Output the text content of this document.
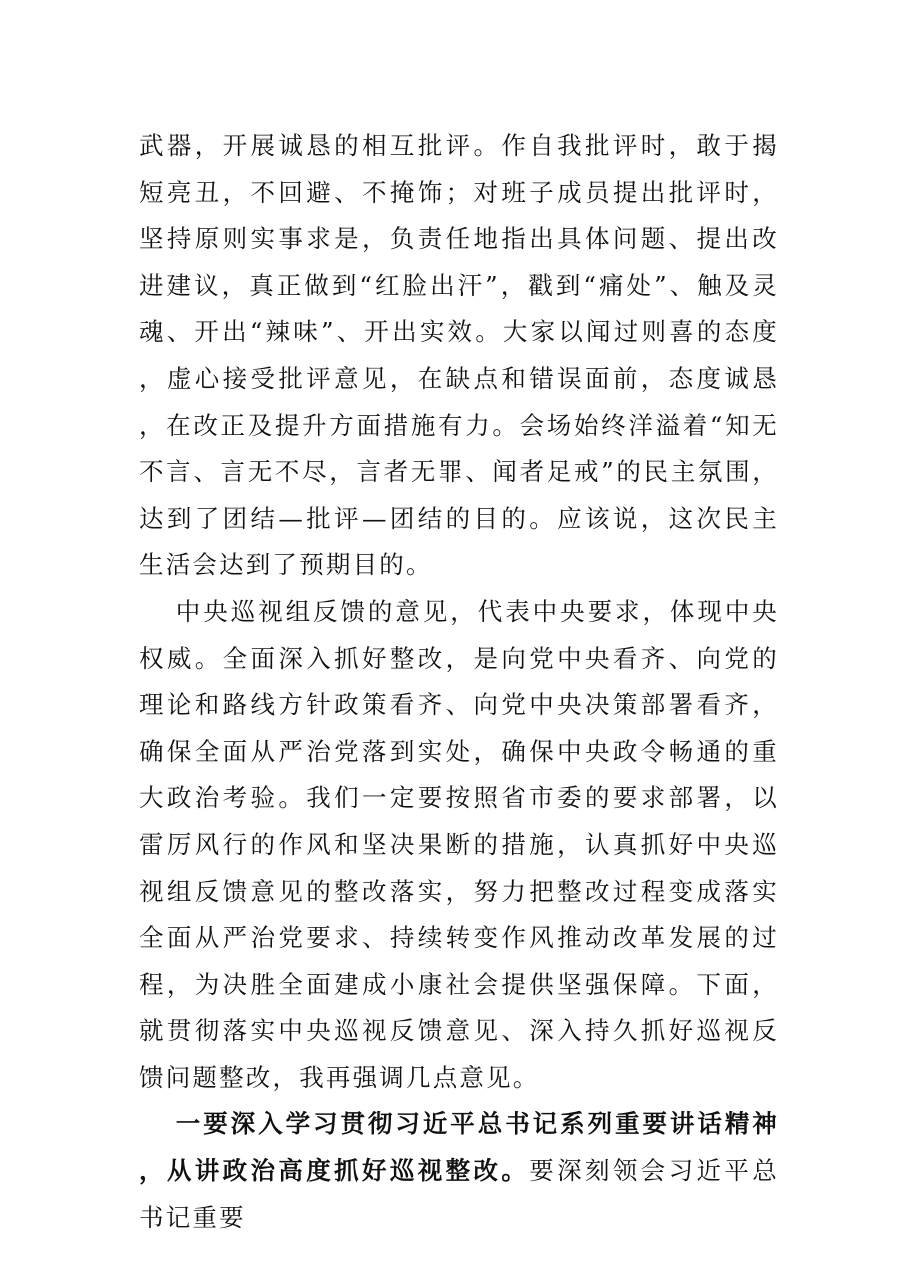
武器，开展诚恳的相互批评。作自我批评时，敢于揭短亮丑，不回避、不掩饰；对班子成员提出批评时，坚持原则实事求是，负责任地指出具体问题、提出改进建议，真正做到“红脸出汗”，戳到“痛处”、触及灵魂、开出“辣味”、开出实效。大家以闻过则喜的态度，虚心接受批评意见，在缺点和错误面前，态度诚恳，在改正及提升方面措施有力。会场始终洋溢着“知无不言、言无不尽，言者无罪、闻者足戒”的民主氛围，达到了团结—批评—团结的目的。应该说，这次民主生活会达到了预期目的。

中央巡视组反馈的意见，代表中央要求，体现中央权威。全面深入抓好整改，是向党中央看齐、向党的理论和路线方针政策看齐、向党中央决策部署看齐，确保全面从严治党落到实处，确保中央政令畅通的重大政治考验。我们一定要按照省市委的要求部署，以雷厉风行的作风和坚决果断的措施，认真抓好中央巡视组反馈意见的整改落实，努力把整改过程变成落实全面从严治党要求、持续转变作风推动改革发展的过程，为决胜全面建成小康社会提供坚强保障。下面，就贯彻落实中央巡视反馈意见、深入持久抓好巡视反馈问题整改，我再强调几点意见。

一要深入学习贯彻习近平总书记系列重要讲话精神，从讲政治高度抓好巡视整改。要深刻领会习近平总书记重要
